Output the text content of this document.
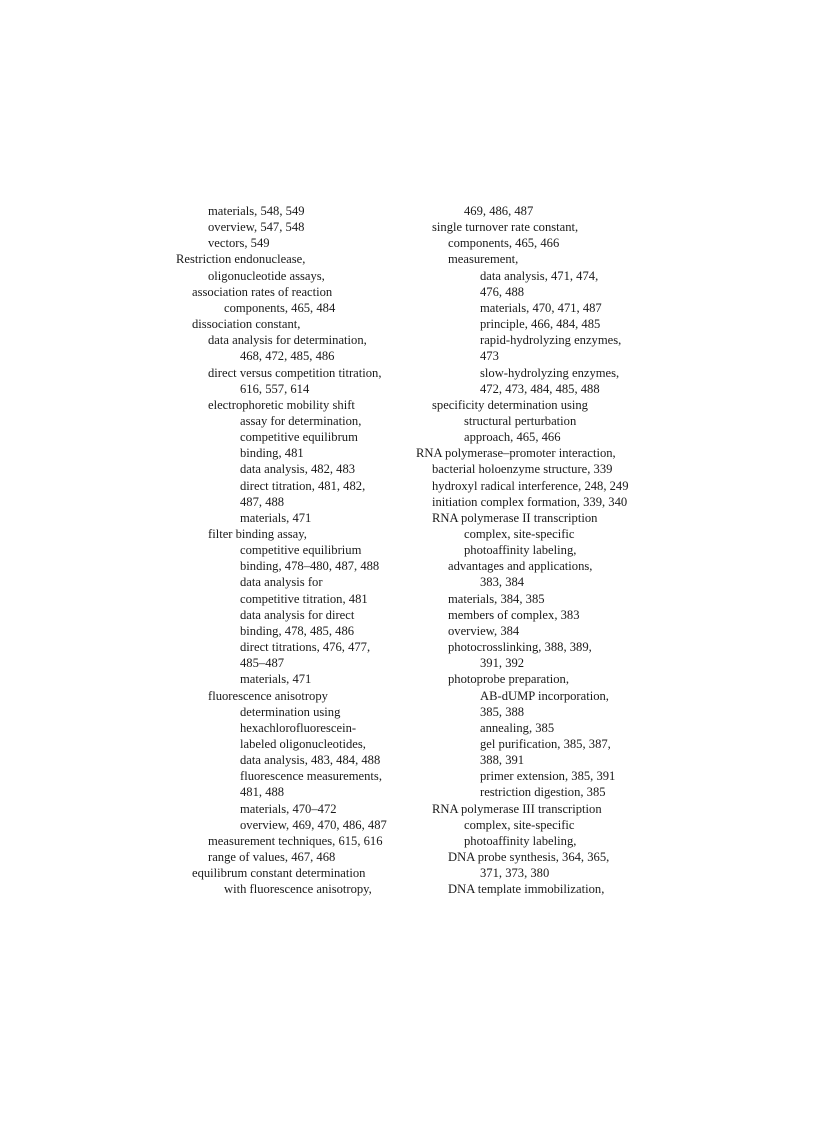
materials, 548, 549
overview, 547, 548
vectors, 549
Restriction endonuclease,
oligonucleotide assays,
association rates of reaction
components, 465, 484
dissociation constant,
data analysis for determination,
468, 472, 485, 486
direct versus competition titration,
616, 557, 614
electrophoretic mobility shift
assay for determination,
competitive equilibrum
binding, 481
data analysis, 482, 483
direct titration, 481, 482,
487, 488
materials, 471
filter binding assay,
competitive equilibrium
binding, 478–480, 487, 488
data analysis for
competitive titration, 481
data analysis for direct
binding, 478, 485, 486
direct titrations, 476, 477,
485–487
materials, 471
fluorescence anisotropy
determination using
hexachlorofluorescein-
labeled oligonucleotides,
data analysis, 483, 484, 488
fluorescence measurements,
481, 488
materials, 470–472
overview, 469, 470, 486, 487
measurement techniques, 615, 616
range of values, 467, 468
equilibrum constant determination
with fluorescence anisotropy,
469, 486, 487
single turnover rate constant,
components, 465, 466
measurement,
data analysis, 471, 474,
476, 488
materials, 470, 471, 487
principle, 466, 484, 485
rapid-hydrolyzing enzymes,
473
slow-hydrolyzing enzymes,
472, 473, 484, 485, 488
specificity determination using
structural perturbation
approach, 465, 466
RNA polymerase–promoter interaction,
bacterial holoenzyme structure, 339
hydroxyl radical interference, 248, 249
initiation complex formation, 339, 340
RNA polymerase II transcription
complex, site-specific
photoaffinity labeling,
advantages and applications,
383, 384
materials, 384, 385
members of complex, 383
overview, 384
photocrosslinking, 388, 389,
391, 392
photoprobe preparation,
AB-dUMP incorporation,
385, 388
annealing, 385
gel purification, 385, 387,
388, 391
primer extension, 385, 391
restriction digestion, 385
RNA polymerase III transcription
complex, site-specific
photoaffinity labeling,
DNA probe synthesis, 364, 365,
371, 373, 380
DNA template immobilization,
